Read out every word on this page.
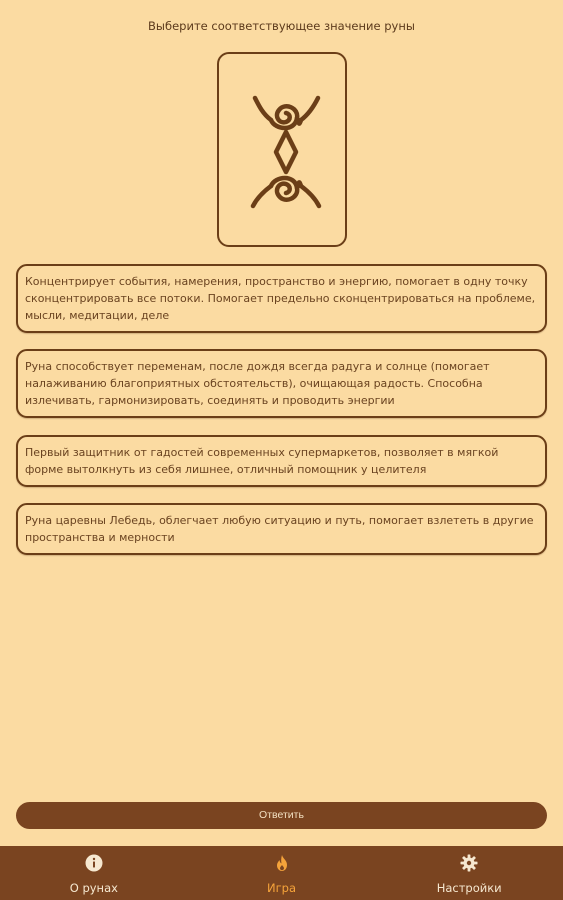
Выберите соответствующее значение руны
Концентрирует события, намерения, пространство и энергию, помогает в одну точку сконцентрировать все потоки. Помогает предельно сконцентрироваться на проблеме, мысли, медитации, деле
Руна способствует переменам, после дождя всегда радуга и солнце (помогает налаживанию благоприятных обстоятельств), очищающая радость. Способна излечивать, гармонизировать, соединять и проводить энергии
Первый защитник от гадостей современных супермаркетов, позволяет в мягкой форме вытолкнуть из себя лишнее, отличный помощник у целителя
Руна царевны Лебедь, облегчает любую ситуацию и путь, помогает взлететь в другие пространства и мерности
Ответить
О рунах	Игра	Настройки
